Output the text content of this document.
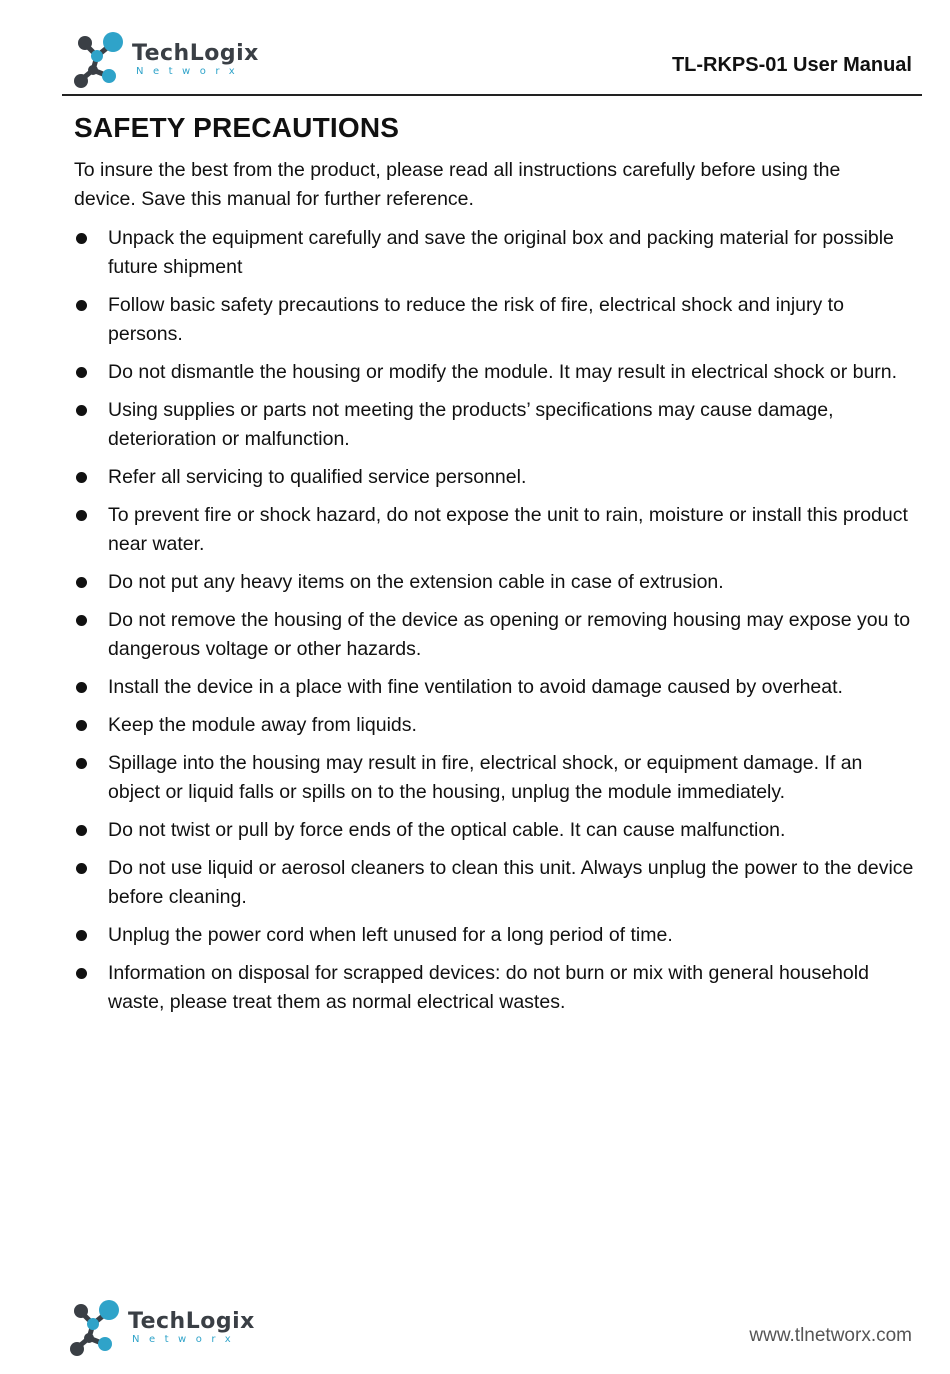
TechLogix
Networx	TL-RKPS-01 User Manual
SAFETY PRECAUTIONS

To insure the best from the product, please read all instructions carefully before using the device. Save this manual for further reference.

Unpack the equipment carefully and save the original box and packing material for possible future shipment
Follow basic safety precautions to reduce the risk of fire, electrical shock and injury to persons.
Do not dismantle the housing or modify the module. It may result in electrical shock or burn.
Using supplies or parts not meeting the products’ specifications may cause damage, deterioration or malfunction.
Refer all servicing to qualified service personnel.
To prevent fire or shock hazard, do not expose the unit to rain, moisture or install this product near water.
Do not put any heavy items on the extension cable in case of extrusion.
Do not remove the housing of the device as opening or removing housing may expose you to dangerous voltage or other hazards.
Install the device in a place with fine ventilation to avoid damage caused by overheat.
Keep the module away from liquids.
Spillage into the housing may result in fire, electrical shock, or equipment damage. If an object or liquid falls or spills on to the housing, unplug the module immediately.
Do not twist or pull by force ends of the optical cable. It can cause malfunction.
Do not use liquid or aerosol cleaners to clean this unit. Always unplug the power to the device before cleaning.
Unplug the power cord when left unused for a long period of time.
Information on disposal for scrapped devices: do not burn or mix with general household waste, please treat them as normal electrical wastes.
TechLogix
Networx	www.tlnetworx.com
